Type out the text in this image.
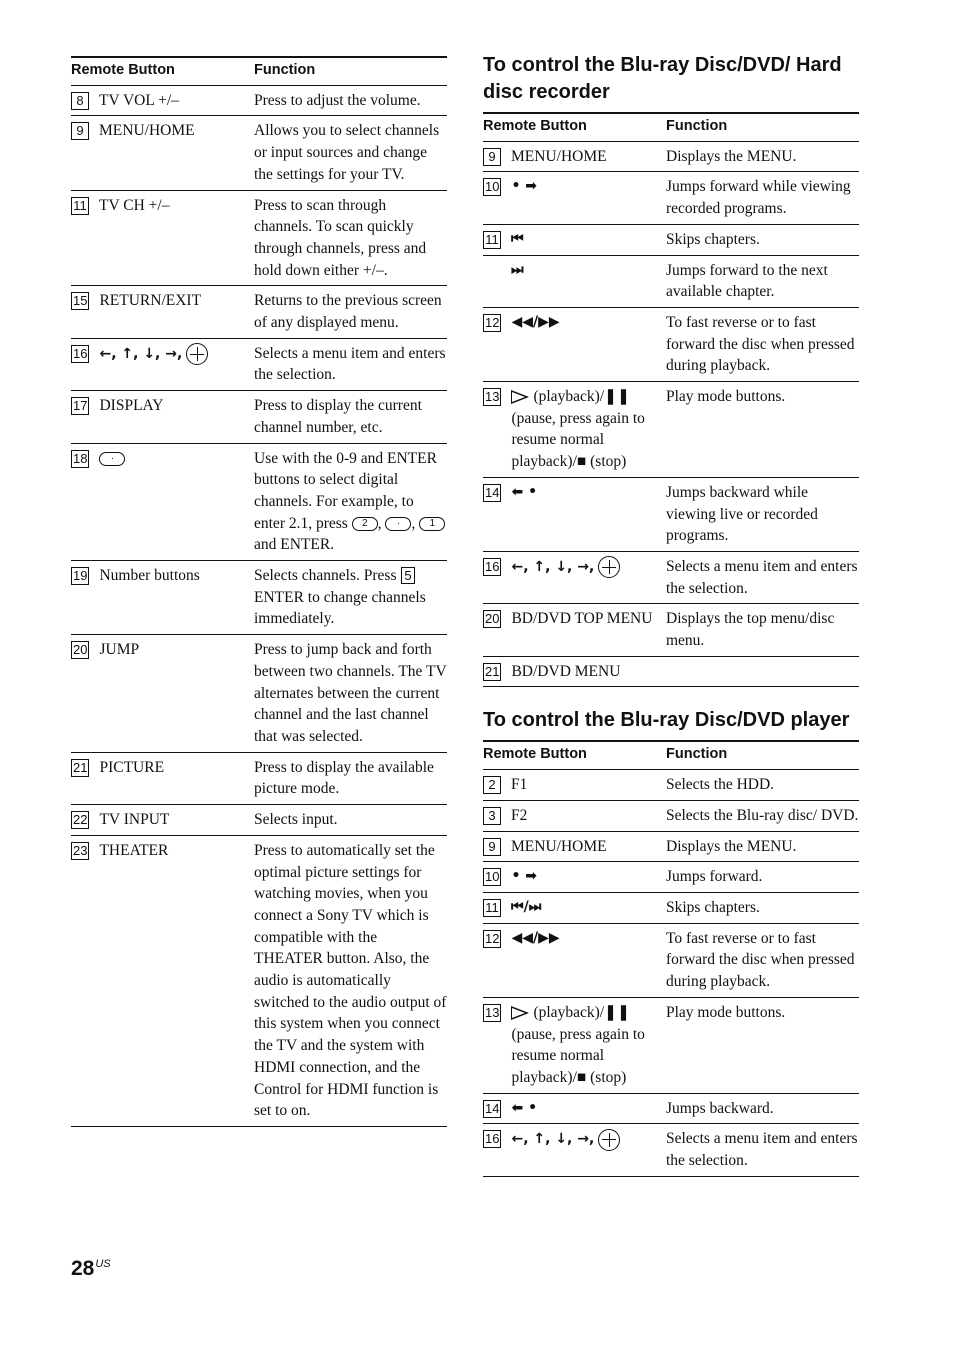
Remote Button	Function

8 TV VOL +/–	Press to adjust the volume.

9 MENU/HOME	Allows you to select channels or input sources and change the settings for your TV.

11 TV CH +/–	Press to scan through channels. To scan quickly through channels, press and hold down either +/–.

15 RETURN/EXIT	Returns to the previous screen of any displayed menu.

16 ←, ↑, ↓, →,	Selects a menu item and enters the selection.

17 DISPLAY	Press to display the current channel number, etc.

18 ·	Use with the 0-9 and ENTER buttons to select digital channels. For example, to enter 2.1, press 2 , · , 1 and ENTER.

19 Number buttons	Selects channels. Press 5 ENTER to change channels immediately.

20 JUMP	Press to jump back and forth between two channels. The TV alternates between the current channel and the last channel that was selected.

21 PICTURE	Press to display the available picture mode.

22 TV INPUT	Selects input.

23 THEATER	Press to automatically set the optimal picture settings for watching movies, when you connect a Sony TV which is compatible with the THEATER button. Also, the audio is automatically switched to the audio output of this system when you connect the TV and the system with HDMI connection, and the Control for HDMI function is set to on.
To control the Blu-ray Disc/DVD/ Hard disc recorder
Remote Button	Function

9 MENU/HOME	Displays the MENU.

10 • ➡	Jumps forward while viewing recorded programs.

11 ⏮	Skips chapters.

⏭	Jumps forward to the next available chapter.

12 ◀◀/▶▶	To fast reverse or to fast forward the disc when pressed during playback.

13 (playback)/❚❚ (pause, press again to resume normal playback)/■ (stop)	Play mode buttons.

14 ⬅ •	Jumps backward while viewing live or recorded programs.

16 ←, ↑, ↓, →,	Selects a menu item and enters the selection.

20 BD/DVD TOP MENU	Displays the top menu/disc menu.

21 BD/DVD MENU	

To control the Blu-ray Disc/DVD player
Remote Button	Function

2 F1	Selects the HDD.

3 F2	Selects the Blu-ray disc/ DVD.

9 MENU/HOME	Displays the MENU.

10 • ➡	Jumps forward.

11 ⏮/⏭	Skips chapters.

12 ◀◀/▶▶	To fast reverse or to fast forward the disc when pressed during playback.

13 (playback)/❚❚ (pause, press again to resume normal playback)/■ (stop)	Play mode buttons.

14 ⬅ •	Jumps backward.

16 ←, ↑, ↓, →,	Selects a menu item and enters the selection.
$28^{US}$
